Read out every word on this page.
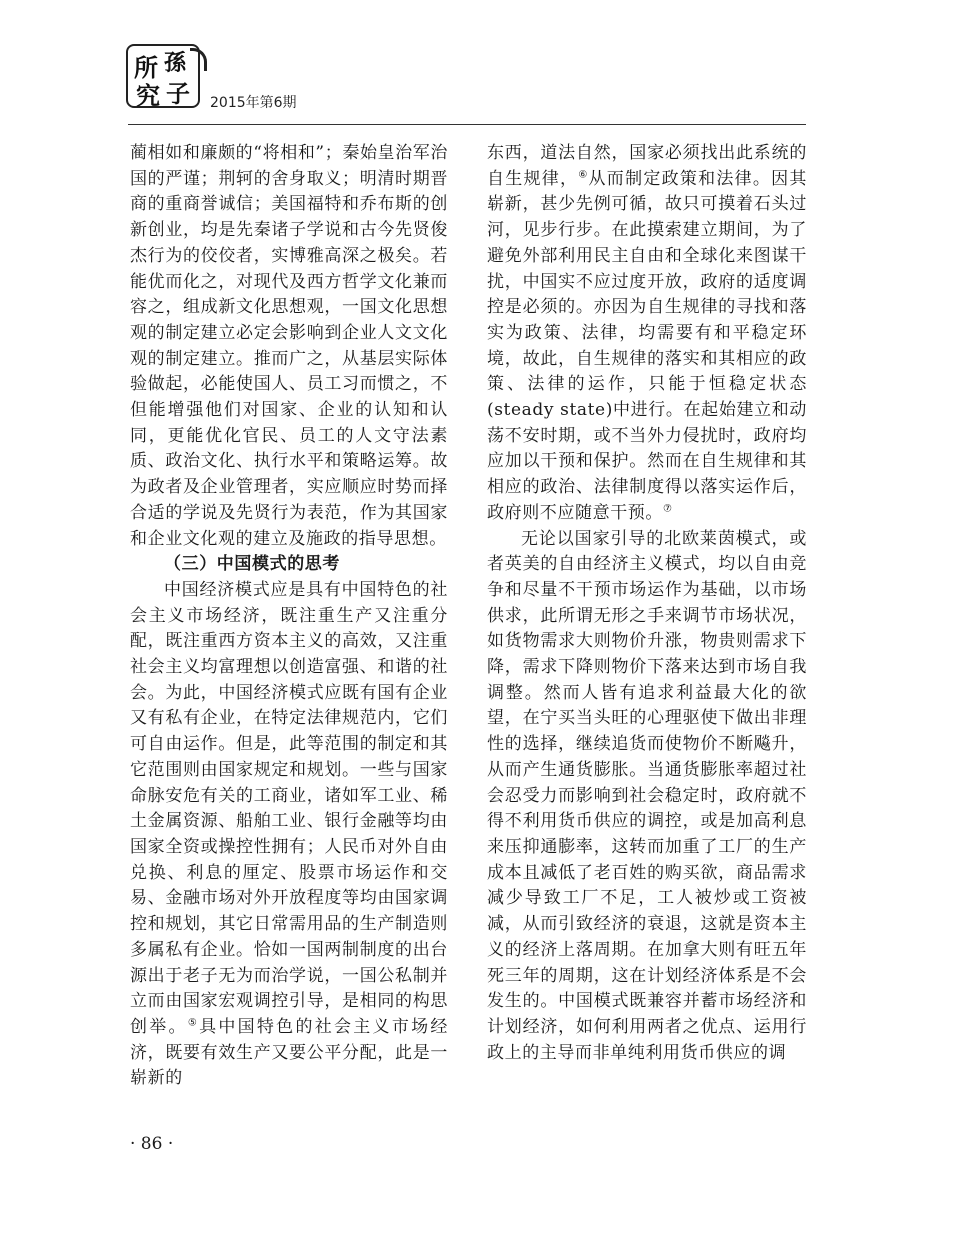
所 孫
究 子 2015年第6期

蔺相如和廉颇的“将相和”；秦始皇治军治国的严谨；荆轲的舍身取义；明清时期晋商的重商誉诚信；美国福特和乔布斯的创新创业，均是先秦诸子学说和古今先贤俊杰行为的佼佼者，实博雅高深之极矣。若能优而化之，对现代及西方哲学文化兼而容之，组成新文化思想观，一国文化思想观的制定建立必定会影响到企业人文文化观的制定建立。推而广之，从基层实际体验做起，必能使国人、员工习而惯之，不但能增强他们对国家、企业的认知和认同，更能优化官民、员工的人文守法素质、政治文化、执行水平和策略运筹。故为政者及企业管理者，实应顺应时势而择合适的学说及先贤行为表范，作为其国家和企业文化观的建立及施政的指导思想。

（三）中国模式的思考

中国经济模式应是具有中国特色的社会主义市场经济，既注重生产又注重分配，既注重西方资本主义的高效，又注重社会主义均富理想以创造富强、和谐的社会。为此，中国经济模式应既有国有企业又有私有企业，在特定法律规范内，它们可自由运作。但是，此等范围的制定和其它范围则由国家规定和规划。一些与国家命脉安危有关的工商业，诸如军工业、稀土金属资源、船舶工业、银行金融等均由国家全资或操控性拥有；人民币对外自由兑换、利息的厘定、股票市场运作和交易、金融市场对外开放程度等均由国家调控和规划，其它日常需用品的生产制造则多属私有企业。恰如一国两制制度的出台源出于老子无为而治学说，一国公私制并立而由国家宏观调控引导，是相同的构思创举。⑤具中国特色的社会主义市场经济，既要有效生产又要公平分配，此是一崭新的

东西，道法自然，国家必须找出此系统的自生规律，⑥从而制定政策和法律。因其崭新，甚少先例可循，故只可摸着石头过河，见步行步。在此摸索建立期间，为了避免外部利用民主自由和全球化来图谋干扰，中国实不应过度开放，政府的适度调控是必须的。亦因为自生规律的寻找和落实为政策、法律，均需要有和平稳定环境，故此，自生规律的落实和其相应的政策、法律的运作，只能于恒稳定状态(steady state)中进行。在起始建立和动荡不安时期，或不当外力侵扰时，政府均应加以干预和保护。然而在自生规律和其相应的政治、法律制度得以落实运作后，政府则不应随意干预。⑦

无论以国家引导的北欧莱茵模式，或者英美的自由经济主义模式，均以自由竞争和尽量不干预市场运作为基础，以市场供求，此所谓无形之手来调节市场状况，如货物需求大则物价升涨，物贵则需求下降，需求下降则物价下落来达到市场自我调整。然而人皆有追求利益最大化的欲望，在宁买当头旺的心理驱使下做出非理性的选择，继续追货而使物价不断飚升，从而产生通货膨胀。当通货膨胀率超过社会忍受力而影响到社会稳定时，政府就不得不利用货币供应的调控，或是加高利息来压抑通膨率，这转而加重了工厂的生产成本且减低了老百姓的购买欲，商品需求减少导致工厂不足，工人被炒或工资被减，从而引致经济的衰退，这就是资本主义的经济上落周期。在加拿大则有旺五年死三年的周期，这在计划经济体系是不会发生的。中国模式既兼容并蓄市场经济和计划经济，如何利用两者之优点、运用行政上的主导而非单纯利用货币供应的调

· 86 ·
